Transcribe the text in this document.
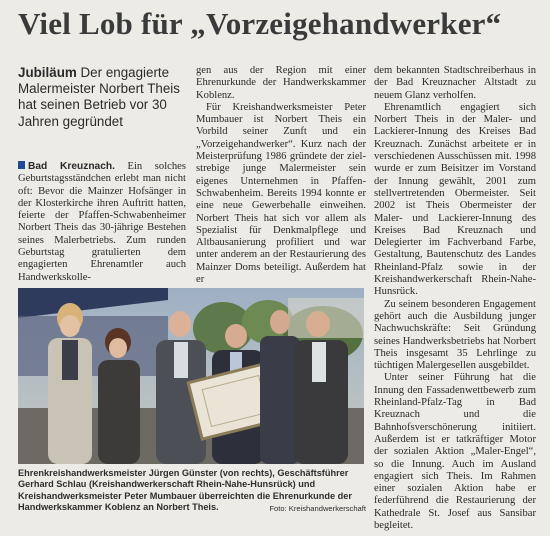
Viel Lob für „Vorzeigehandwerker“
Jubiläum Der engagierte Malermeister Norbert Theis hat seinen Betrieb vor 30 Jahren gegründet

Bad Kreuznach. Ein solches Geburtstagsständchen erlebt man nicht oft: Bevor die Mainzer Hofsänger in der Klosterkirche ihren Auftritt hatten, feierte der Pfaffen-Schwabenheimer Norbert Theis das 30-jährige Bestehen seines Malerbetriebs. Zum runden Geburtstag gratulierten dem engagierten Ehrenamtler auch Handwerkskolle-

gen aus der Region mit einer Ehrenurkunde der Handwerkskammer Koblenz.

Für Kreishandwerksmeister Peter Mumbauer ist Norbert Theis ein Vorbild seiner Zunft und ein „Vorzeigehandwerker“. Kurz nach der Meisterprüfung 1986 gründete der zielstrebige junge Malermeister sein eigenes Unternehmen in Pfaffen-Schwabenheim. Bereits 1994 konnte er eine neue Gewerbehalle einweihen. Norbert Theis hat sich vor allem als Spezialist für Denkmalpflege und Altbausanierung profiliert und war unter anderem an der Restaurierung des Mainzer Doms beteiligt. Außerdem hat er

dem bekannten Stadtschreiberhaus in der Bad Kreuznacher Altstadt zu neuem Glanz verholfen.

Ehrenamtlich engagiert sich Norbert Theis in der Maler- und Lackierer-Innung des Kreises Bad Kreuznach. Zunächst arbeitete er in verschiedenen Ausschüssen mit. 1998 wurde er zum Beisitzer im Vorstand der Innung gewählt, 2001 zum stellvertretenden Obermeister. Seit 2002 ist Theis Obermeister der Maler- und Lackierer-Innung des Kreises Bad Kreuznach und Delegierter im Fachverband Farbe, Gestaltung, Bautenschutz des Landes Rheinland-Pfalz sowie in der Kreishandwerkerschaft Rhein-Nahe-Hunsrück.

Zu seinem besonderen Engagement gehört auch die Ausbildung junger Nachwuchskräfte: Seit Gründung seines Handwerksbetriebs hat Norbert Theis insgesamt 35 Lehrlinge zu tüchtigen Malergesellen ausgebildet.

Unter seiner Führung hat die Innung den Fassadenwettbewerb zum Rheinland-Pfalz-Tag in Bad Kreuznach und die Bahnhofsverschönerung initiiert. Außerdem ist er tatkräftiger Motor der sozialen Aktion „Maler-Engel“, so die Innung. Auch im Ausland engagiert sich Theis. Im Rahmen einer sozialen Aktion habe er federführend die Restaurierung der Kathedrale St. Josef aus Sansibar begleitet.

Ehrenkreishandwerksmeister Jürgen Günster (von rechts), Geschäftsführer Gerhard Schlau (Kreishandwerkerschaft Rhein-Nahe-Hunsrück) und Kreishandwerksmeister Peter Mumbauer überreichten die Ehrenurkunde der Handwerkskammer Koblenz an Norbert Theis.	Foto: Kreishandwerkerschaft
